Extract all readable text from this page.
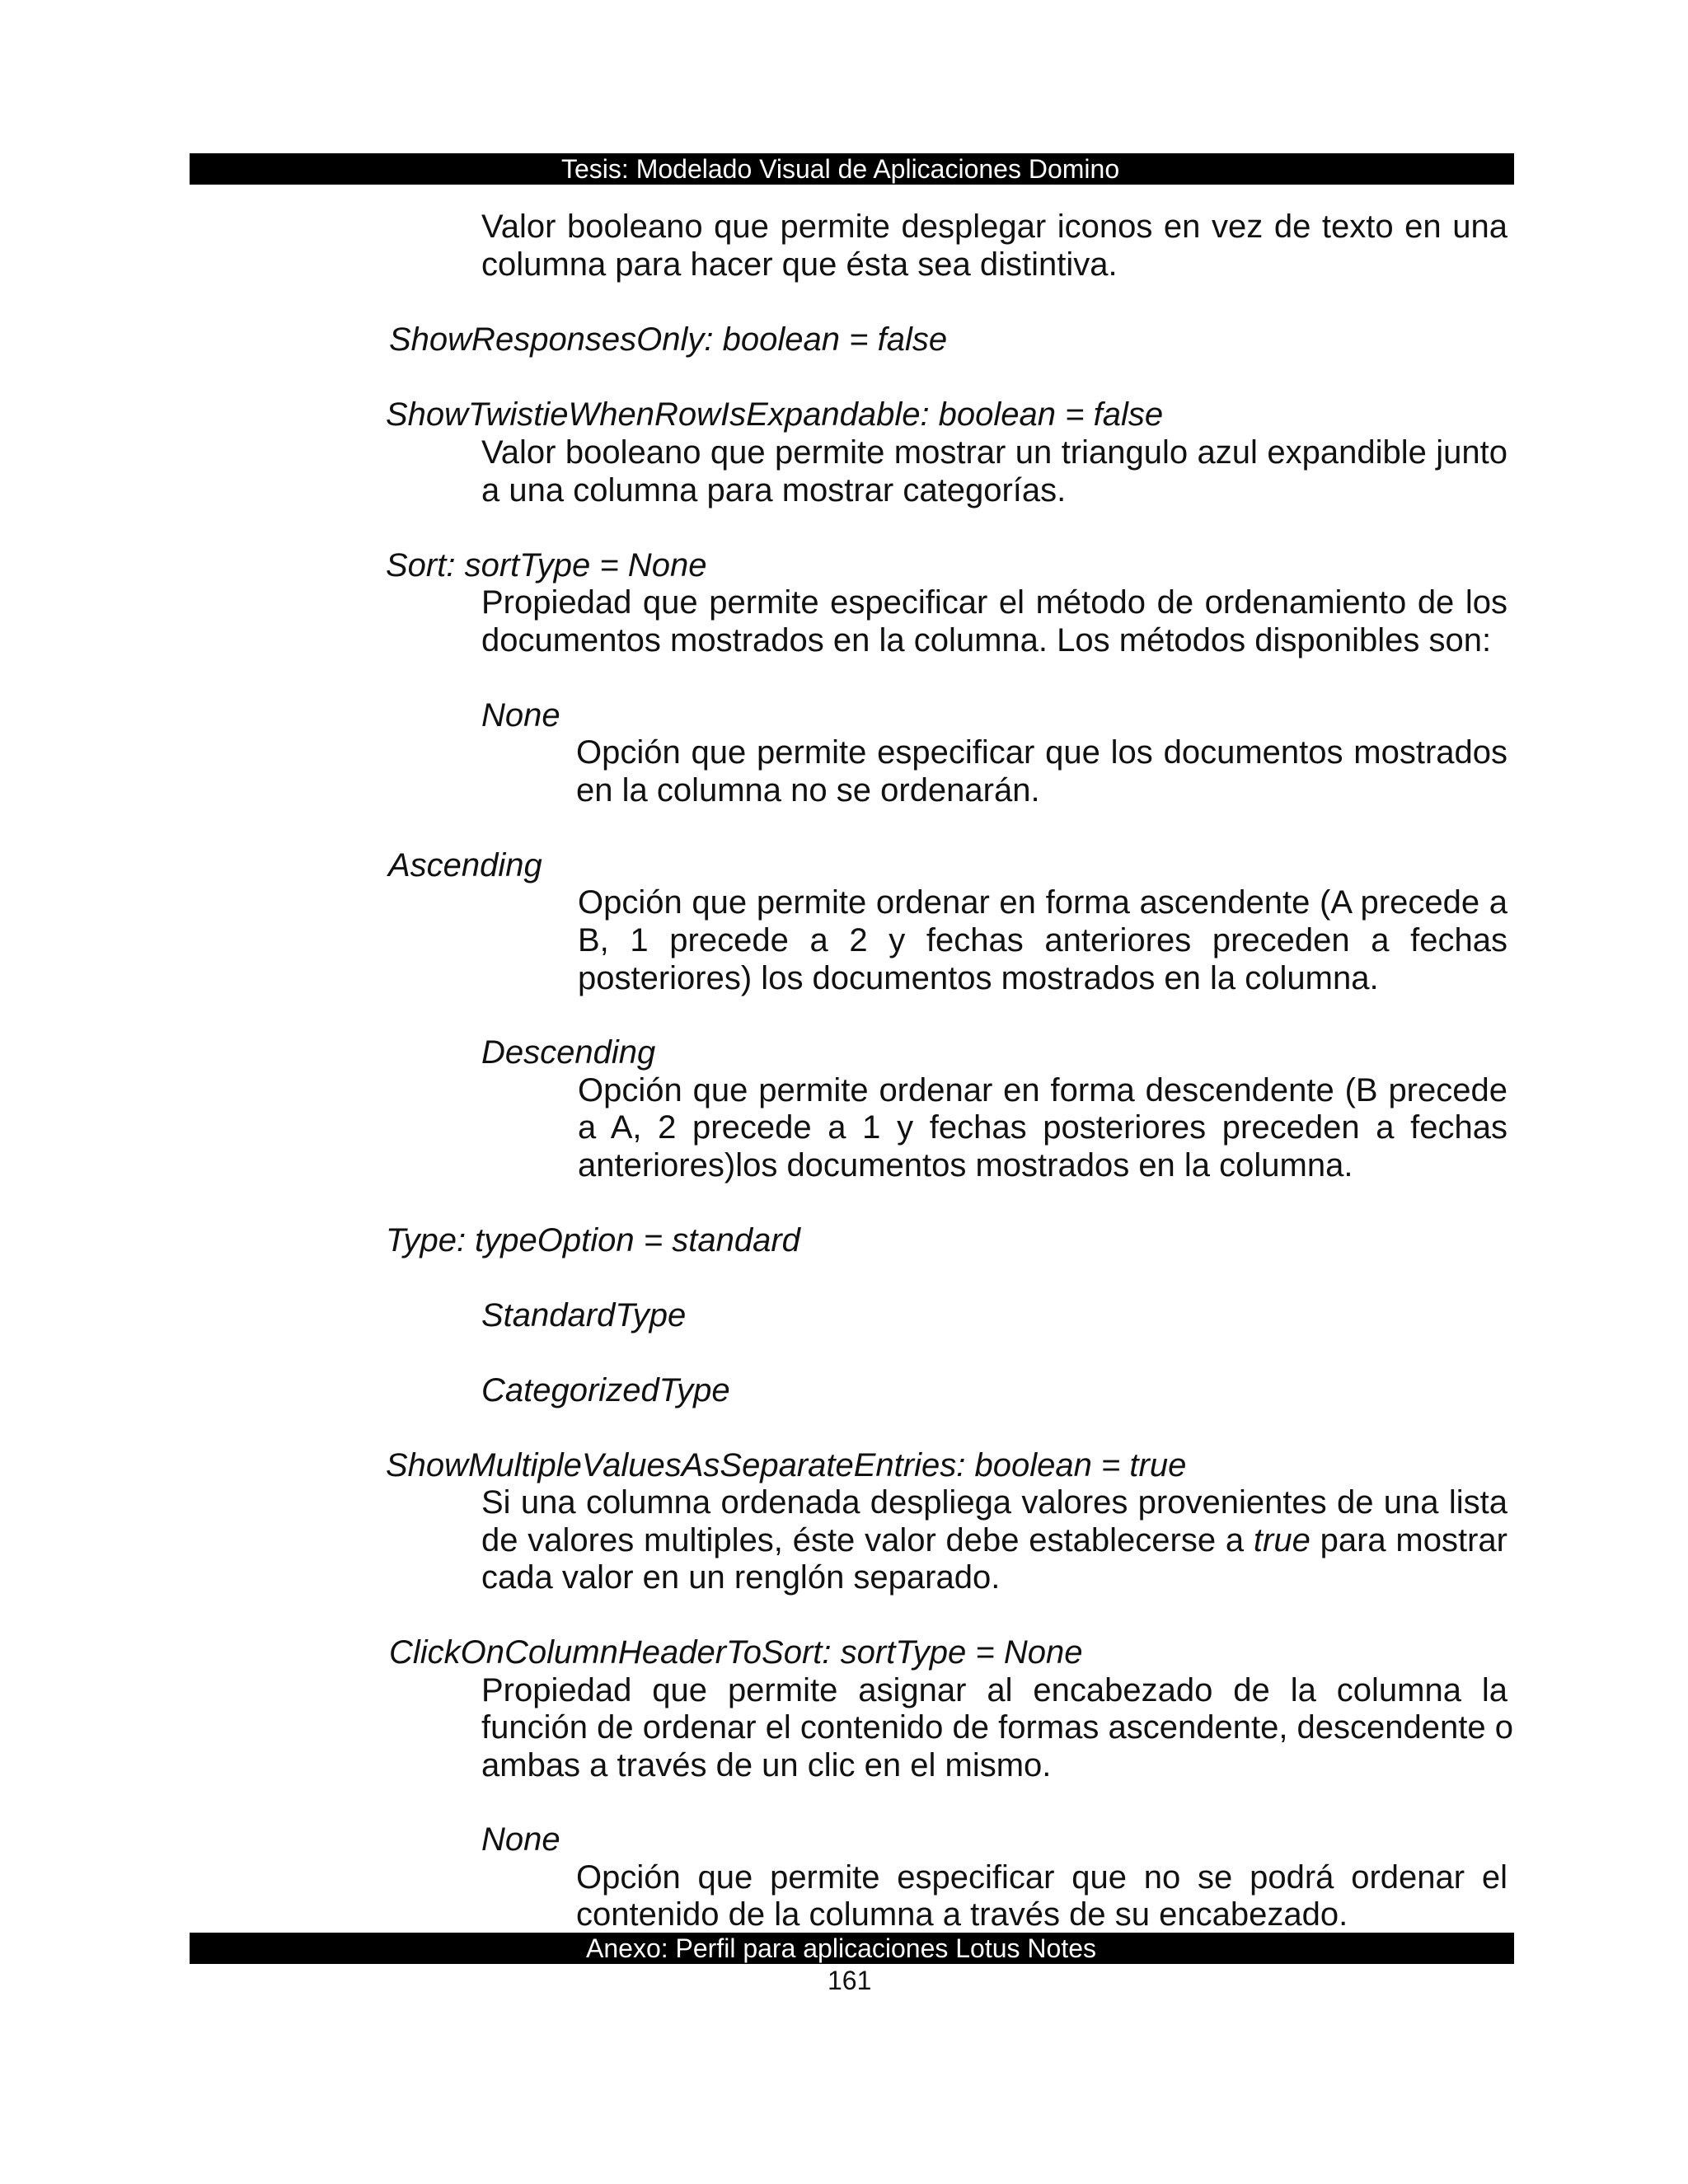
Tesis: Modelado Visual de Aplicaciones Domino
Valor booleano que permite desplegar iconos en vez de texto en una
columna para hacer que ésta sea distintiva.
ShowResponsesOnly: boolean = false
ShowTwistieWhenRowIsExpandable: boolean = false
Valor booleano que permite mostrar un triangulo azul expandible junto
a una columna para mostrar categorías.
Sort: sortType = None
Propiedad que permite especificar el método de ordenamiento de los
documentos mostrados en la columna. Los métodos disponibles son:
None
Opción que permite especificar que los documentos mostrados
en la columna no se ordenarán.
Ascending
Opción que permite ordenar en forma ascendente (A precede a
B, 1 precede a 2 y fechas anteriores preceden a fechas
posteriores) los documentos mostrados en la columna.
Descending
Opción que permite ordenar en forma descendente (B precede
a A, 2 precede a 1 y fechas posteriores preceden a fechas
anteriores)los documentos mostrados en la columna.
Type: typeOption = standard
StandardType
CategorizedType
ShowMultipleValuesAsSeparateEntries: boolean = true
Si una columna ordenada despliega valores provenientes de una lista
de valores multiples, éste valor debe establecerse a true para mostrar
cada valor en un renglón separado.
ClickOnColumnHeaderToSort: sortType = None
Propiedad que permite asignar al encabezado de la columna la
función de ordenar el contenido de formas ascendente, descendente o
ambas a través de un clic en el mismo.
None
Opción que permite especificar que no se podrá ordenar el
contenido de la columna a través de su encabezado.
Anexo: Perfil para aplicaciones Lotus Notes
161
